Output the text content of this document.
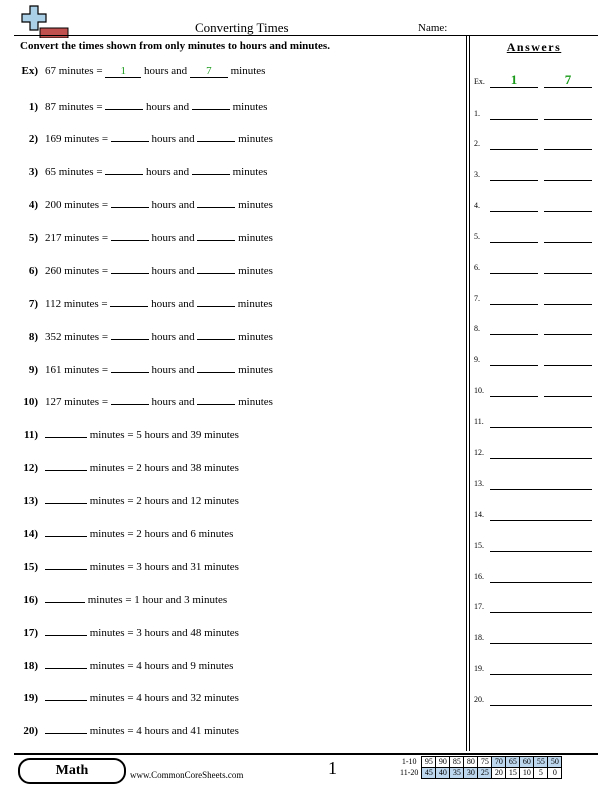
Converting Times	Name:
Convert the times shown from only minutes to hours and minutes.
Ex) 67 minutes = 1 hours and 7 minutes
1) 87 minutes =	hours and	minutes
2) 169 minutes =	hours and	minutes
3) 65 minutes =	hours and	minutes
4) 200 minutes =	hours and	minutes
5) 217 minutes =	hours and	minutes
6) 260 minutes =	hours and	minutes
7) 112 minutes =	hours and	minutes
8) 352 minutes =	hours and	minutes
9) 161 minutes =	hours and	minutes
10) 127 minutes =	hours and	minutes
11)	minutes = 5 hours and 39 minutes
12)	minutes = 2 hours and 38 minutes
13)	minutes = 2 hours and 12 minutes
14)	minutes = 2 hours and 6 minutes
15)	minutes = 3 hours and 31 minutes
16)	minutes = 1 hour and 3 minutes
17)	minutes = 3 hours and 48 minutes
18)	minutes = 4 hours and 9 minutes
19)	minutes = 4 hours and 32 minutes
20)	minutes = 4 hours and 41 minutes
Answers
Ex.	1	7
1.
2.
3.
4.
5.
6.
7.
8.
9.
10.
11.
12.
13.
14.
15.
16.
17.
18.
19.
20.
Math	www.CommonCoreSheets.com	1	1-10	95	90	85	80	75	70	65	60	55	50
11-20	45	40	35	30	25	20	15	10	5	0
